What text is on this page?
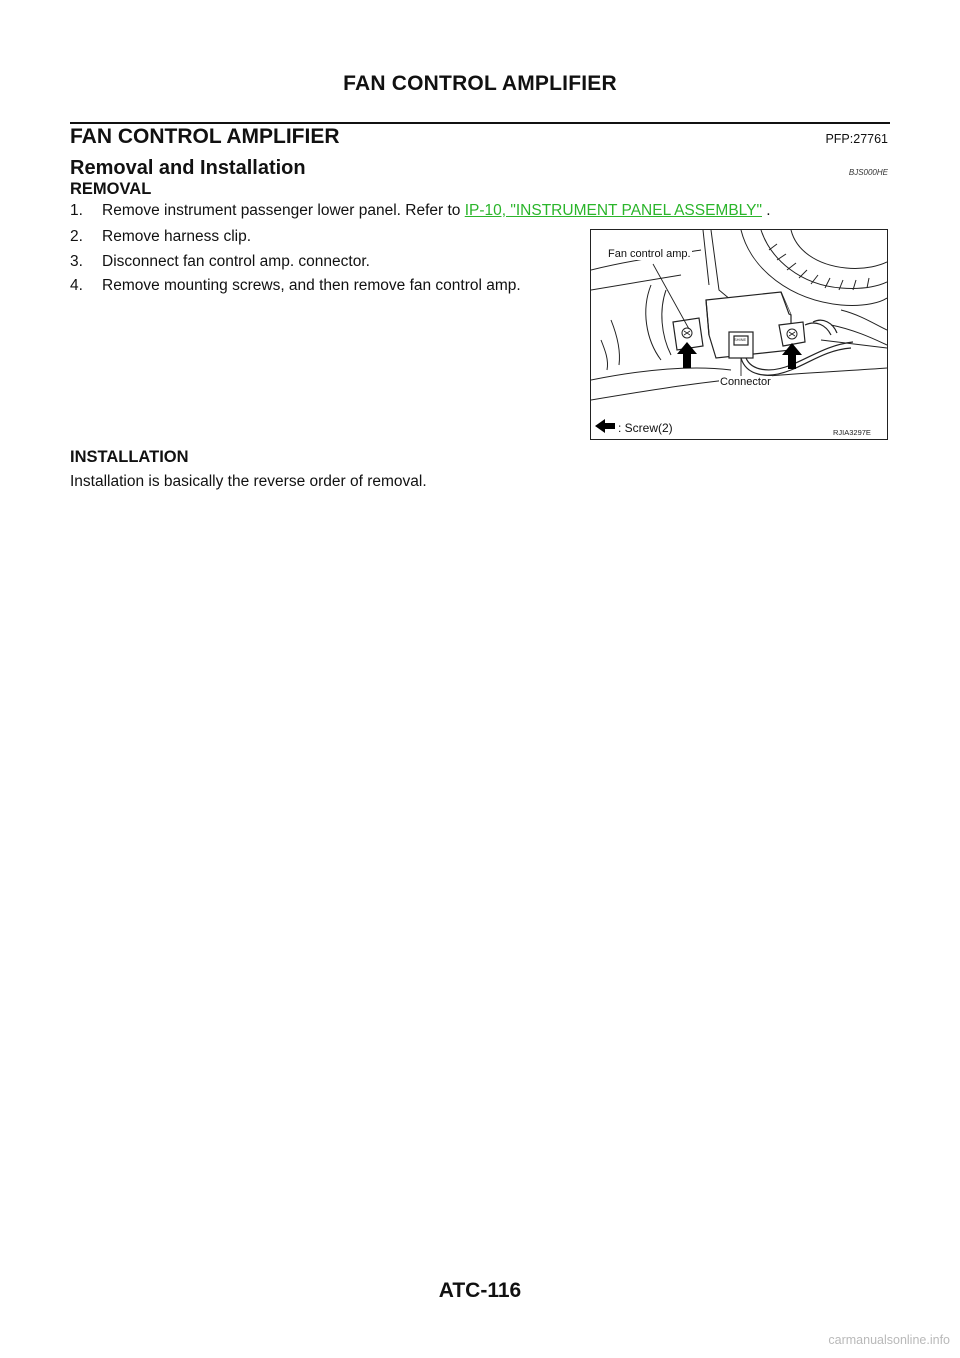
FAN CONTROL AMPLIFIER
FAN CONTROL AMPLIFIER	PFP:27761
Removal and Installation	BJS000HE
REMOVAL
1. Remove instrument passenger lower panel. Refer to IP-10, "INSTRUMENT PANEL ASSEMBLY" .
2. Remove harness clip.
3. Disconnect fan control amp. connector.
4. Remove mounting screws, and then remove fan control amp.
Fan control amp.
Connector
: Screw(2)	RJIA3297E
SHINE
INSTALLATION
Installation is basically the reverse order of removal.
ATC-116
carmanualsonline.info
